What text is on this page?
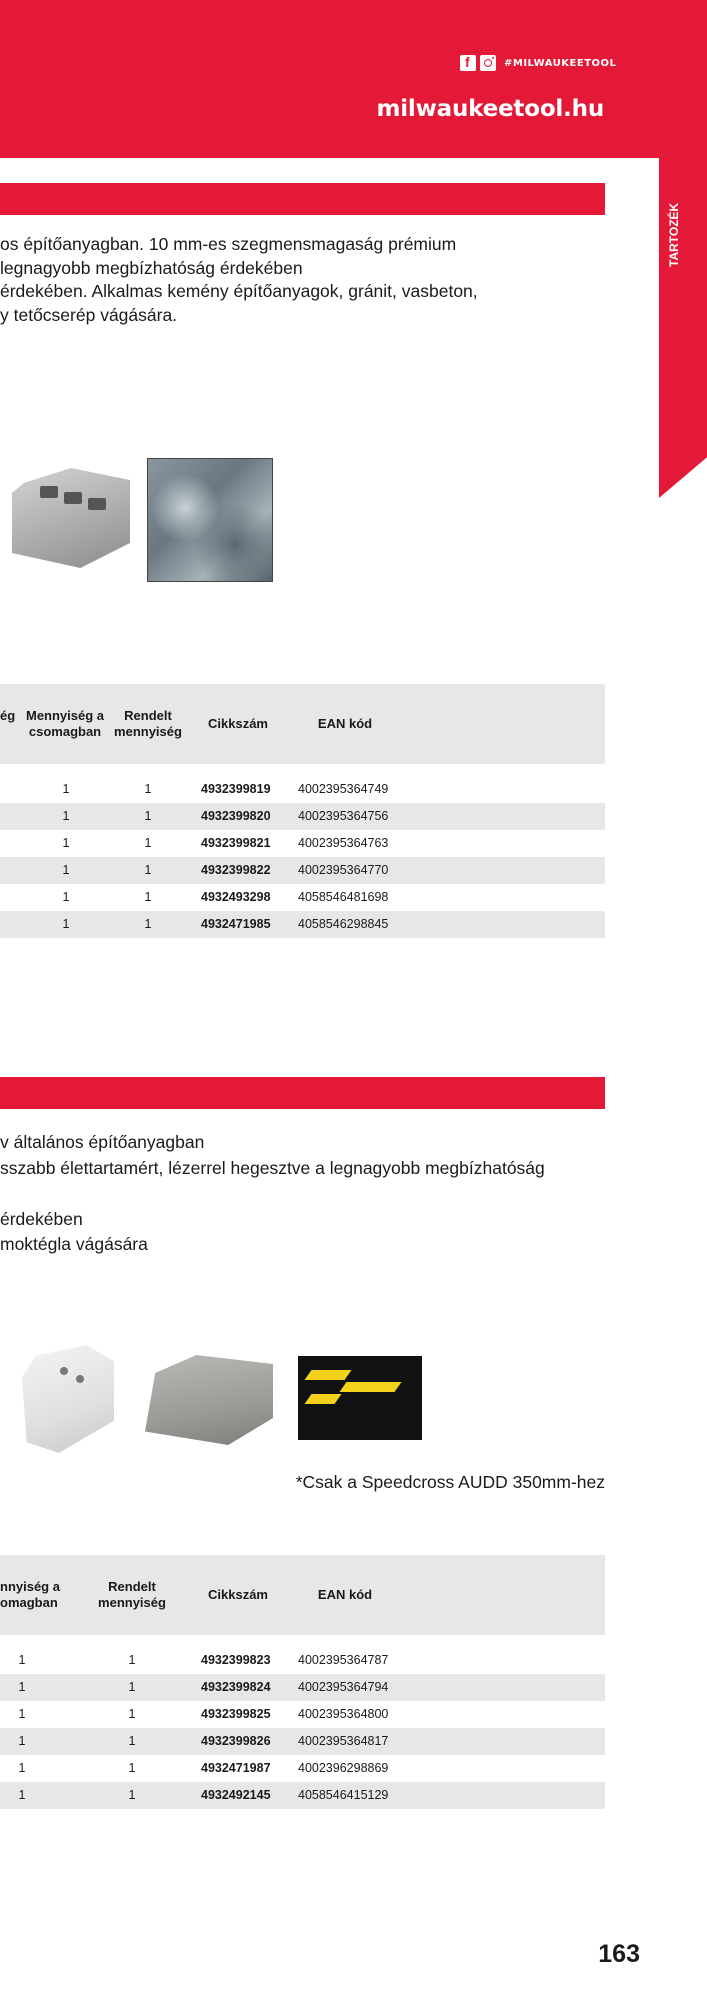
f
#MILWAUKEETOOL
milwaukeetool.hu
TARTOZÉK
os építőanyagban. 10 mm-es szegmensmagaság prémium
legnagyobb megbízhatóság érdekében
érdekében. Alkalmas kemény építőanyagok, gránit, vasbeton,
y tetőcserép vágására.
ég Mennyiség a csomagban
Rendelt mennyiség
Cikkszám	EAN kód
1	1	4932399819 4002395364749
1	1	4932399820 4002395364756
1	1	4932399821 4002395364763
1	1	4932399822 4002395364770
1	1	4932493298 4058546481698
1	1	4932471985 4058546298845
v általános építőanyagban
sszabb élettartamért, lézerrel hegesztve a legnagyobb megbízhatóság
érdekében
moktégla vágására
*Csak a Speedcross AUDD 350mm-hez
nnyiség a omagban
Rendelt mennyiség
Cikkszám	EAN kód
1	1	4932399823 4002395364787
1	1	4932399824 4002395364794
1	1	4932399825 4002395364800
1	1	4932399826 4002395364817
1	1	4932471987 4002396298869
1	1	4932492145 4058546415129
163
